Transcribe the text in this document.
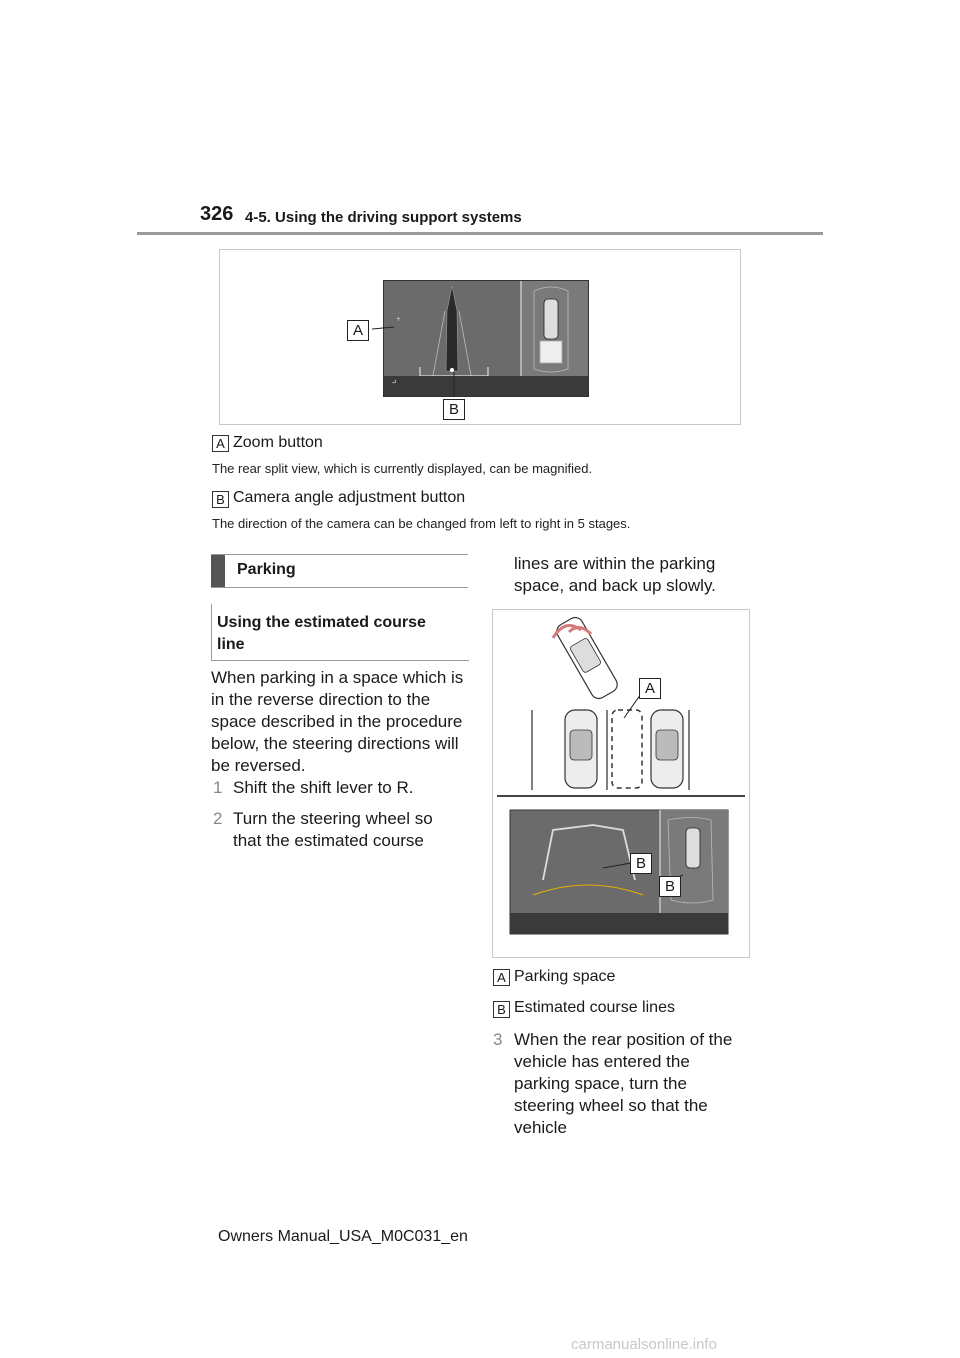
326 4-5. Using the driving support systems
⮐
+
A
B
A Zoom button
The rear split view, which is currently displayed, can be magnified.
B Camera angle adjustment button
The direction of the camera can be changed from left to right in 5 stages.
Parking
Using the estimated course line
When parking in a space which is in the reverse direction to the space described in the procedure below, the steering directions will be reversed.
1 Shift the shift lever to R.
2 Turn the steering wheel so that the estimated course
lines are within the parking space, and back up slowly.
A
B
B
A Parking space
B Estimated course lines
3 When the rear position of the vehicle has entered the parking space, turn the steering wheel so that the vehicle
Owners Manual_USA_M0C031_en
carmanualsonline.info
